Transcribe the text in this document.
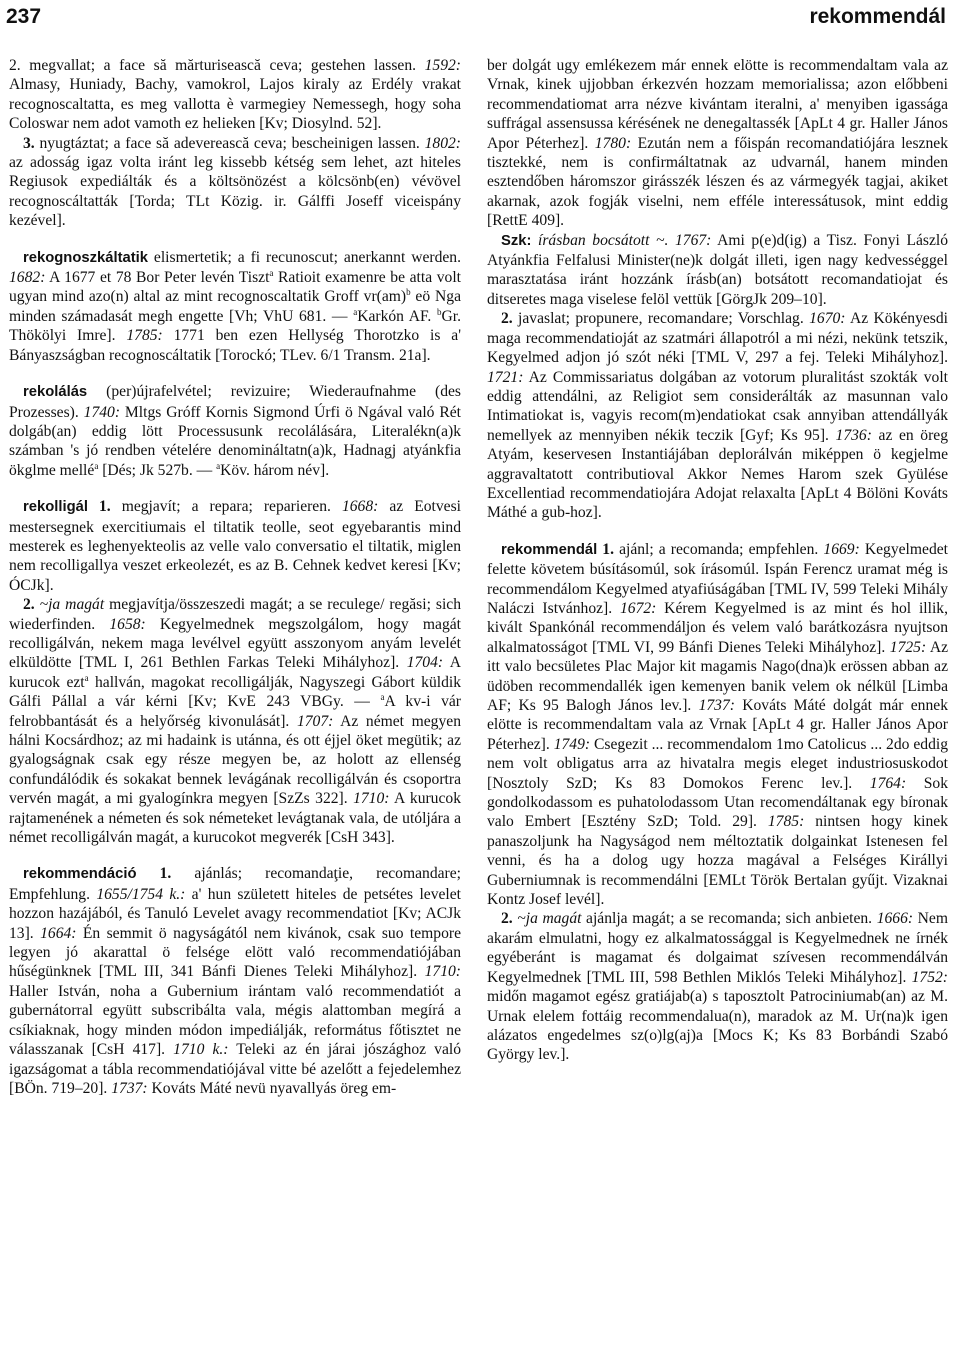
237	rekommendál

2. megvallat; a face să mărturisească ceva; gestehen lassen. 1592: Almasy, Huniady, Bachy, vamokrol, Lajos kiraly az Erdély vrakat recognoscaltatta, es meg vallotta è varmegiey Nemessegh, hogy soha Coloswar nem adot vamoth ez helieken [Kv; Diosylnd. 52].

3. nyugtáztat; a face să adeverească ceva; bescheinigen lassen. 1802: az adosság igaz volta iránt leg kissebb kétség sem lehet, azt hiteles Regiusok expediálták és a költsönözést a kölcsönb(en) vévövel recognoscáltatták [Torda; TLt Közig. ir. Gálffi Joseff viceispány kezével].

rekognoszkáltatik elismertetik; a fi recunoscut; anerkannt werden. 1682: A 1677 et 78 Bor Peter levén Tiszt$^a$ Ratioit examenre be atta volt ugyan mind azo(n) altal az mint recognoscaltatik Groff vr(am)$^b$ eö Nga minden számadasát megh engette [Vh; VhU 681. — $^a$Karkón AF. $^b$Gr. Thökölyi Imre]. 1785: 1771 ben ezen Hellység Thorotzko is a' Bányaszságban recognoscáltatik [Torockó; TLev. 6/1 Transm. 21a].

rekolálás (per)újrafelvétel; revizuire; Wiederaufnahme (des Prozesses). 1740: Mltgs Gróff Kornis Sigmond Úrfi ö Ngával való Rét dolgáb(an) eddig lött Processusunk recolálására, Literalékn(a)k számban 's jó rendben vételére denomináltatn(a)k, Hadnagj atyánkfia ökglme mellé$^a$ [Dés; Jk 527b. — $^a$Köv. három név].

rekolligál 1. megjavít; a repara; reparieren. 1668: az Eotvesi mestersegnek exercitiumais el tiltatik teolle, seot egyebarantis mind mesterek es leghenyekteolis az velle valo conversatio el tiltatik, miglen nem recolligallya veszet erkeolezét, es az B. Cehnek kedvet keresi [Kv; ÓCJk].

2. ~ja magát megjavítja/összeszedi magát; a se reculege/ regăsi; sich wiederfinden. 1658: Kegyelmednek megszolgálom, hogy magát recolligálván, nekem maga levélvel együtt asszonyom anyám levelét elküldötte [TML I, 261 Bethlen Farkas Teleki Mihályhoz]. 1704: A kurucok ezt$^a$ hallván, magokat recolligálják, Nagyszegi Gábort küldik Gálfi Pállal a vár kérni [Kv; KvE 243 VBGy. — $^a$A kv-i vár felrobbantását és a helyőrség kivonulását]. 1707: Az német megyen hálni Kocsárdhoz; az mi hadaink is utánna, és ott éjjel öket megütik; az gyalogságnak csak egy része megyen be, az holott az ellenség confundálódik és sokakat bennek levágának recolligálván és csoportra vervén magát, a mi gyalogínkra megyen [SzZs 322]. 1710: A kurucok rajtamenének a németen és sok németeket levágtanak vala, de utóljára a német recolligálván magát, a kurucokot megverék [CsH 343].

rekommendáció 1. ajánlás; recomandaţie, recomandare; Empfehlung. 1655/1754 k.: a' hun született hiteles de petsétes levelet hozzon hazájából, és Tanuló Levelet avagy recommendatiot [Kv; ACJk 13]. 1664: Én semmit ö nagyságától nem kivánok, csak suo tempore legyen jó akarattal ö felsége elött való recommendatiójában hűségünknek [TML III, 341 Bánfi Dienes Teleki Mihályhoz]. 1710: Haller István, noha a Gubernium irántam való recommendatiót a gubernátorral együtt subscribálta vala, mégis alattomban megírá a csíkiaknak, hogy minden módon impediálják, református főtisztet ne válasszanak [CsH 417]. 1710 k.: Teleki az én járai jószághoz való igazságomat a tábla recommendatiójával vitte bé azelőtt a fejedelemhez [BÖn. 719–20]. 1737: Kováts Máté nevü nyavallyás öreg em-

ber dolgát ugy emlékezem már ennek elötte is recommendaltam vala az Vrnak, kinek ujjobban érkezvén hozzam memorialissa; azon előbbeni recommendatiomat arra nézve kivántam iteralni, a' menyiben igassága suffrágal assensussa kérésének ne denegaltassék [ApLt 4 gr. Haller János Apor Péterhez]. 1780: Ezután nem a főispán recomandatiójára lesznek tisztekké, nem is confirmáltatnak az udvarnál, hanem minden esztendőben háromszor girásszék lészen és az vármegyék tagjai, akiket akarnak, azok fogják viselni, nem efféle interessátusok, mint eddig [RettE 409].

Szk: írásban bocsátott ~. 1767: Ami p(e)d(ig) a Tisz. Fonyi László Atyánkfia Felfalusi Minister(ne)k dolgát illeti, igen nagy kedvességgel marasztatása iránt hozzánk írásb(an) botsátott recomandatiojat és ditseretes maga viselese felöl vettük [GörgJk 209–10].

2. javaslat; propunere, recomandare; Vorschlag. 1670: Az Kökényesdi maga recommendatioját az szatmári állapotról a mi nézi, nekünk tetszik, Kegyelmed adjon jó szót néki [TML V, 297 a fej. Teleki Mihályhoz]. 1721: Az Commissariatus dolgában az votorum pluralitást szokták volt eddig attendálni, az Religiot sem considerálták az masunnan valo Intimatiokat is, vagyis recom(m)endatiokat csak annyiban attendállyák nemellyek az mennyiben nékik teczik [Gyf; Ks 95]. 1736: az en öreg Atyám, keservesen Instantiájában deplorálván miképpen ö kegjelme aggravaltatott contributioval Akkor Nemes Harom szek Gyülése Excellentiad recommendatiojára Adojat relaxalta [ApLt 4 Bölöni Kováts Máthé a gub-hoz].

rekommendál 1. ajánl; a recomanda; empfehlen. 1669: Kegyelmedet felette követem búsításomúl, sok írásomúl. Ispán Ferencz uramat még is recommendálom Kegyelmed atyafiúságában [TML IV, 599 Teleki Mihály Naláczi Istvánhoz]. 1672: Kérem Kegyelmed is az mint és hol illik, kivált Spankónál recommendáljon és velem való barátkozásra nyujtson alkalmatosságot [TML VI, 99 Bánfi Dienes Teleki Mihályhoz]. 1725: Az itt valo becsületes Plac Major kit magamis Nago(dna)k erössen abban az üdöben recommendallék igen kemenyen banik velem ok nélkül [Limba AF; Ks 95 Balogh János lev.]. 1737: Kováts Máté dolgát már ennek elötte is recommendaltam vala az Vrnak [ApLt 4 gr. Haller János Apor Péterhez]. 1749: Csegezit ... recommendalom 1mo Catolicus ... 2do eddig nem volt obligatus arra az hivatalra megis eleget industriosuskodot [Nosztoly SzD; Ks 83 Domokos Ferenc lev.]. 1764: Sok gondolkodassom es puhatolodassom Utan recomendáltanak egy bíronak valo Embert [Esztény SzD; Told. 29]. 1785: nintsen hogy kinek panaszoljunk ha Nagyságod nem méltoztatik dolgainkat Istenesen fel venni, és ha a dolog ugy hozza magával a Felséges Királlyi Guberniumnak is recommendálni [EMLt Török Bertalan gyűjt. Vizaknai Kontz Josef levél].

2. ~ja magát ajánlja magát; a se recomanda; sich anbieten. 1666: Nem akarám elmulatni, hogy ez alkalmatossággal is Kegyelmednek ne írnék egyéberánt is magamat és dolgaimat szívesen recommendálván Kegyelmednek [TML III, 598 Bethlen Miklós Teleki Mihályhoz]. 1752: midőn magamot egész gratiájab(a) s taposztolt Patrociniumab(an) az M. Urnak elelem fottáig recommendalua(n), maradok az M. Ur(na)k igen alázatos engedelmes sz(o)lg(aj)a [Mocs K; Ks 83 Borbándi Szabó György lev.].
